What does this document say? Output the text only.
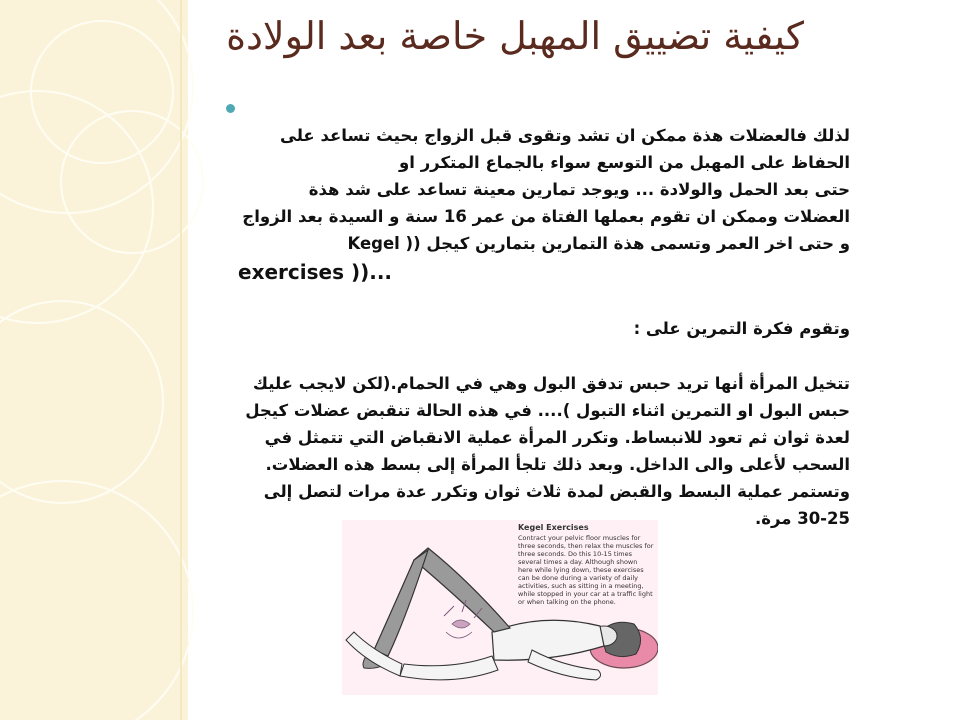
كيفية تضييق المهبل خاصة بعد الولادة
لذلك فالعضلات هذة ممكن ان تشد وتقوى قبل الزواج بحيث تساعد على
الحفاظ على المهبل من التوسع سواء بالجماع المتكرر او
حتى بعد الحمل والولادة ... ويوجد تمارين معينة تساعد على شد هذة
العضلات وممكن ان تقوم بعملها الفتاة من عمر 16 سنة و السيدة بعد الزواج
و حتى اخر العمر وتسمى هذة التمارين بتمارين كيجل (( Kegel
exercises ))...
وتقوم فكرة التمرين على :
تتخيل المرأة أنها تريد حبس تدفق البول وهي في الحمام.(لكن لايجب عليك
حبس البول او التمرين اثناء التبول ).... في هذه الحالة تنقبض عضلات كيجل
لعدة ثوان ثم تعود للانبساط. وتكرر المرأة عملية الانقباض التي تتمثل في
السحب لأعلى والى الداخل. وبعد ذلك تلجأ المرأة إلى بسط هذه العضلات.
وتستمر عملية البسط والقبض لمدة ثلاث ثوان وتكرر عدة مرات لتصل إلى
30-25 مرة.
Kegel Exercises
Contract your pelvic floor muscles for three seconds, then relax the muscles for three seconds. Do this 10-15 times several times a day. Although shown here while lying down, these exercises can be done during a variety of daily activities, such as sitting in a meeting, while stopped in your car at a traffic light or when talking on the phone.
